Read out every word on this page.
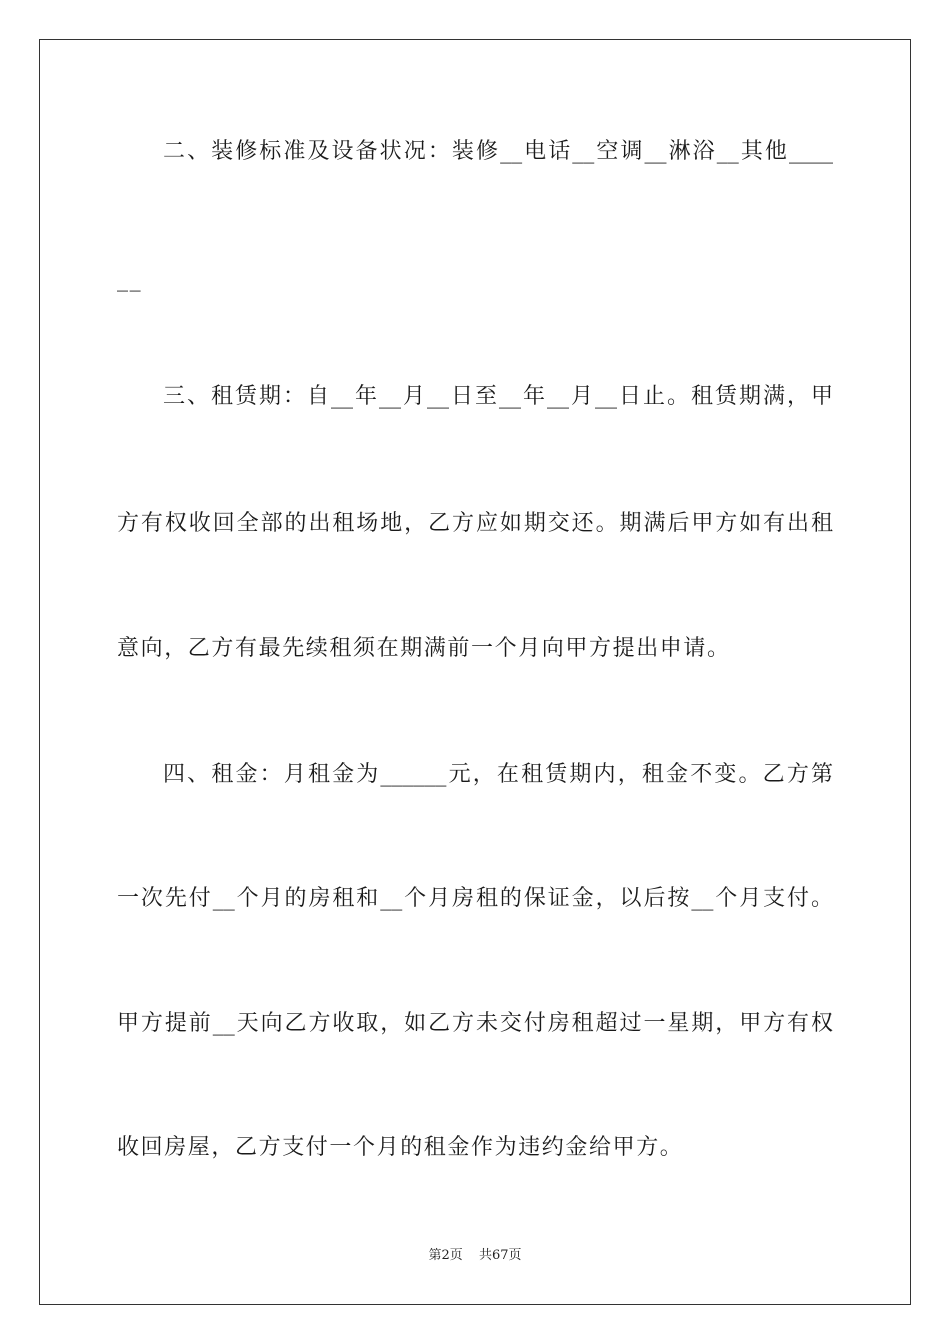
二、装修标准及设备状况：装修__电话__空调__淋浴__其他____
__
三、租赁期：自__年__月__日至__年__月__日止。租赁期满，甲
方有权收回全部的出租场地，乙方应如期交还。期满后甲方如有出租
意向，乙方有最先续租须在期满前一个月向甲方提出申请。
四、租金：月租金为______元，在租赁期内，租金不变。乙方第
一次先付__个月的房租和__个月房租的保证金，以后按__个月支付。
甲方提前__天向乙方收取，如乙方未交付房租超过一星期，甲方有权
收回房屋，乙方支付一个月的租金作为违约金给甲方。
第2页 共67页
